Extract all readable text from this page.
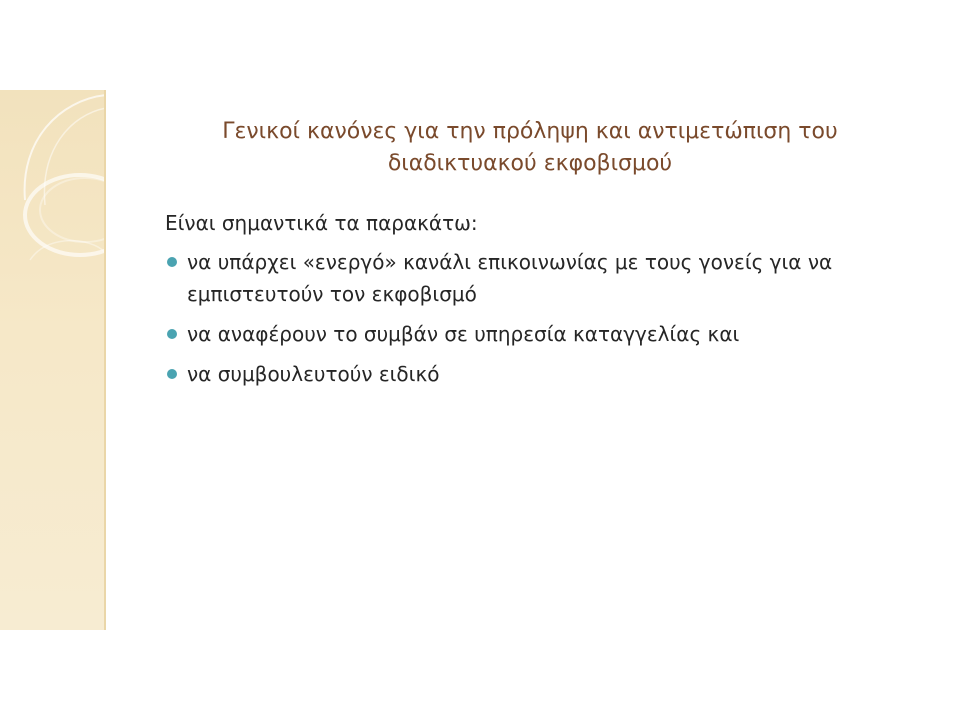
Γενικοί κανόνες για την πρόληψη και αντιμετώπιση του
διαδικτυακού εκφοβισμού

Είναι σημαντικά τα παρακάτω:

να υπάρχει «ενεργό» κανάλι επικοινωνίας με τους γονείς για να εμπιστευτούν τον εκφοβισμό
να αναφέρουν το συμβάν σε υπηρεσία καταγγελίας και
να συμβουλευτούν ειδικό
